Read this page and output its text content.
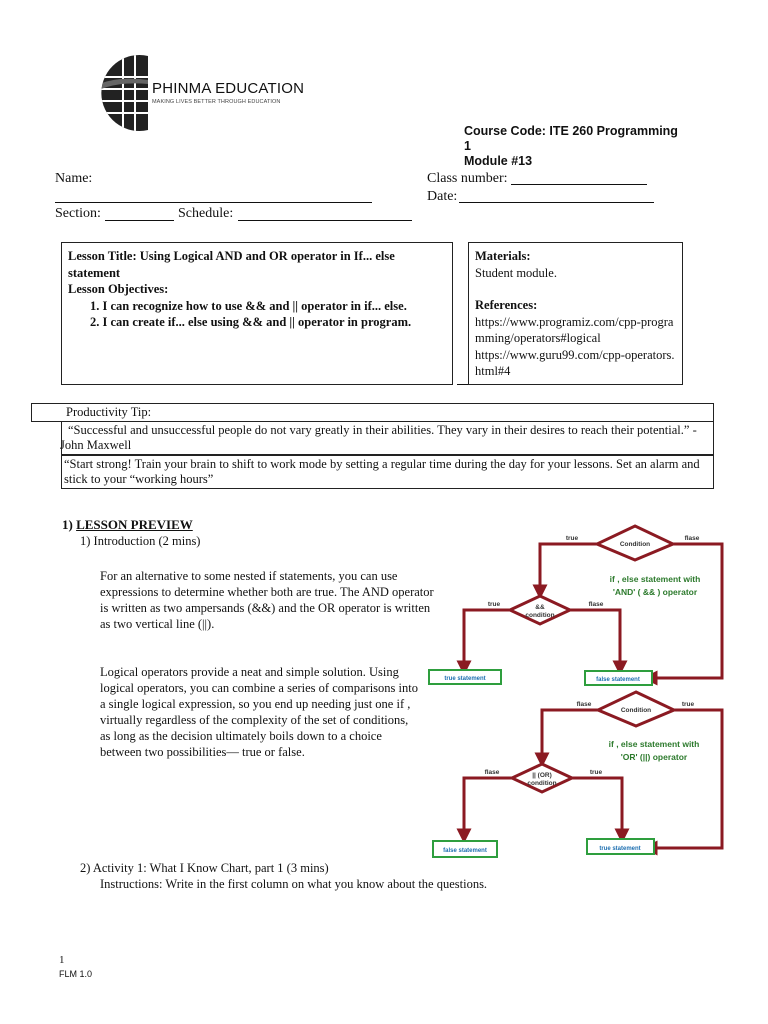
PHINMA EDUCATION
MAKING LIVES BETTER THROUGH EDUCATION
Course Code: ITE 260 Programming
1
Module #13
Name:	Class number:
Date:
Section:	Schedule:
Lesson Title: Using Logical AND and OR operator in If... else statement
Lesson Objectives:
1. I can recognize how to use && and || operator in if... else.
2. I can create if... else using && and || operator in program.
Materials:
Student module.
References:
https://www.programiz.com/cpp-programming/operators#logical
https://www.guru99.com/cpp-operators.html#4
Productivity Tip:
“Successful and unsuccessful people do not vary greatly in their abilities. They vary in their desires to reach their potential.” - John Maxwell
“Start strong! Train your brain to shift to work mode by setting a regular time during the day for your lessons. Set an alarm and stick to your “working hours”
1) LESSON PREVIEW
1) Introduction (2 mins)
For an alternative to some nested if statements, you can use expressions to determine whether both are true. The AND operator is written as two ampersands (&&) and the OR operator is written as two vertical line (||).
Logical operators provide a neat and simple solution. Using logical operators, you can combine a series of comparisons into a single logical expression, so you end up needing just one if , virtually regardless of the complexity of the set of conditions, as long as the decision ultimately boils down to a choice between two possibilities— true or false.
2) Activity 1: What I Know Chart, part 1 (3 mins)
Instructions: Write in the first column on what you know about the questions.
Condition
true	flase
&&
condition
true	flase
if , else statement with
'AND' ( && ) operator
true statement	false statement
Condition
flase	true
|| (OR)
condition
flase	true
if , else statement with
'OR' (||) operator
false statement	true statement
1
FLM 1.0
